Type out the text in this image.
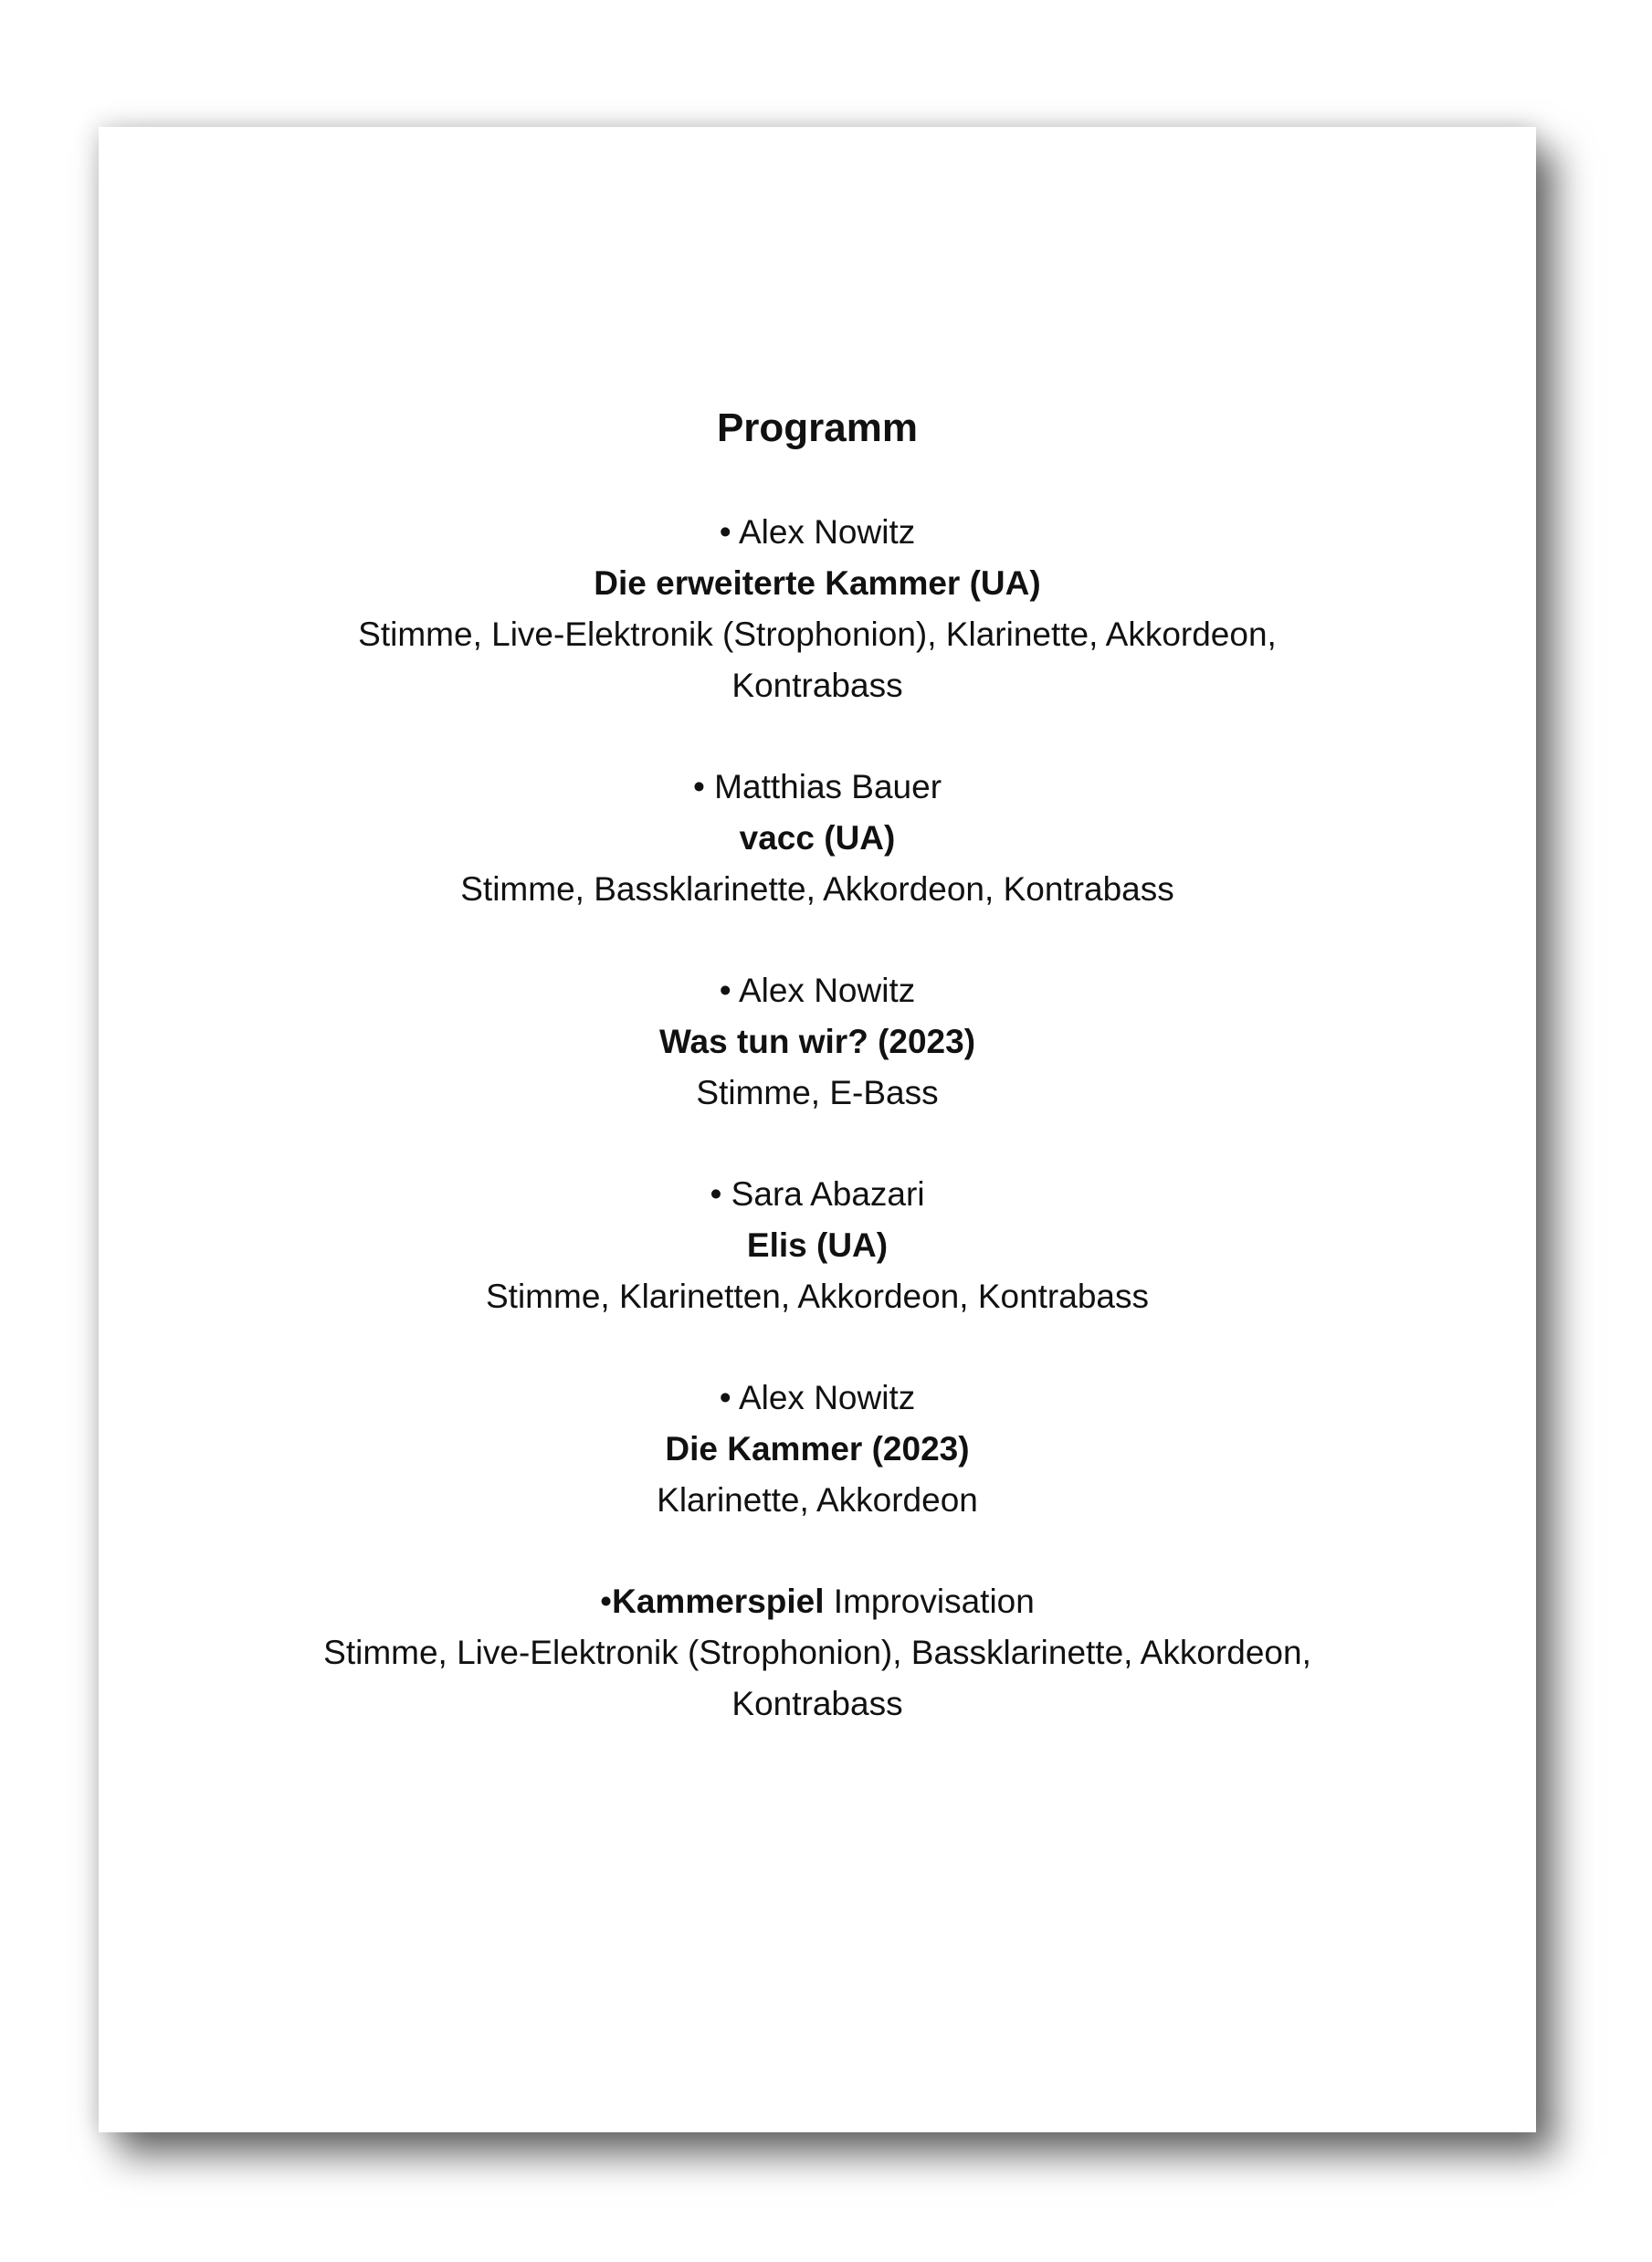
Programm
• Alex Nowitz
Die erweiterte Kammer (UA)
Stimme, Live-Elektronik (Strophonion), Klarinette, Akkordeon, Kontrabass
• Matthias Bauer
vacc (UA)
Stimme, Bassklarinette, Akkordeon, Kontrabass
• Alex Nowitz
Was tun wir? (2023)
Stimme, E-Bass
• Sara Abazari
Elis (UA)
Stimme, Klarinetten, Akkordeon, Kontrabass
• Alex Nowitz
Die Kammer (2023)
Klarinette, Akkordeon
•Kammerspiel Improvisation
Stimme, Live-Elektronik (Strophonion), Bassklarinette, Akkordeon, Kontrabass
